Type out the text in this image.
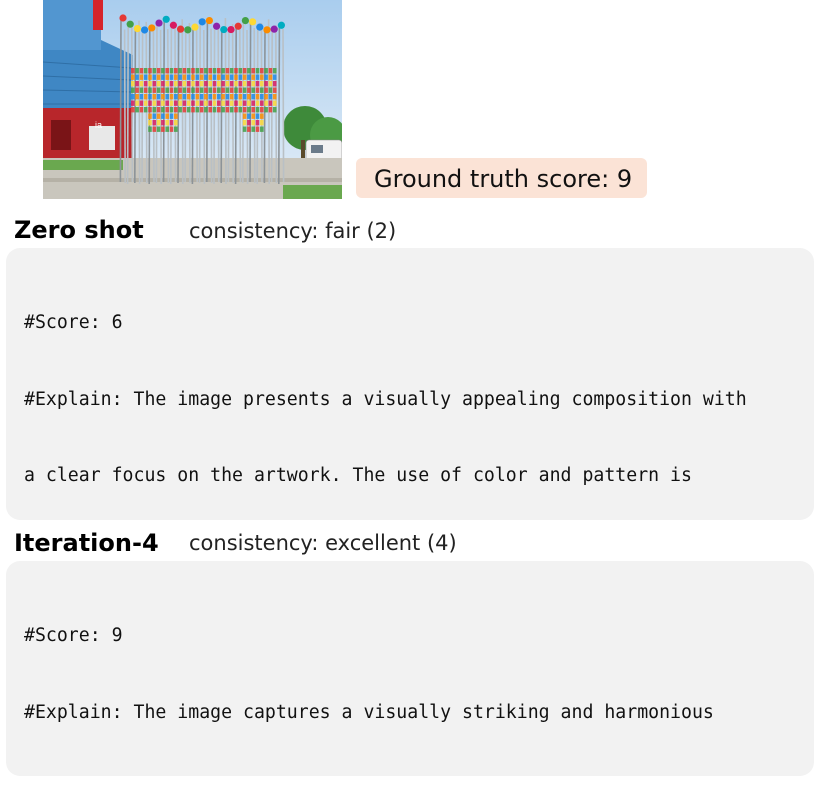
ia
Ground truth score: 9
Zero shot consistency: fair (2)

#Score: 6

#Explain: The image presents a visually appealing composition with

a clear focus on the artwork. The use of color and pattern is

Iteration-4 consistency: excellent (4)

#Score: 9

#Explain: The image captures a visually striking and harmonious
